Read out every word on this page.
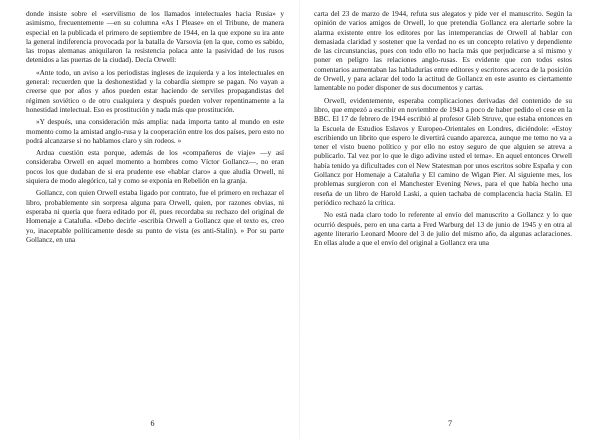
donde insiste sobre el «servilismo de los llamados intelectuales hacia Rusia» y asimismo, frecuentemente —en su columna «As I Please» en el Tribune, de manera especial en la publicada el primero de septiembre de 1944, en la que expone su ira ante la general indiferencia provocada por la batalla de Varsovia (en la que, como es sabido, las tropas alemanas aniquilaron la resistencia polaca ante la pasividad de los rusos detenidos a las puertas de la ciudad). Decía Orwell:

«Ante todo, un aviso a los periodistas ingleses de izquierda y a los intelectuales en general: recuerden que la deshonestidad y la cobardía siempre se pagan. No vayan a creerse que por años y años pueden estar haciendo de serviles propagandistas del régimen soviético o de otro cualquiera y después pueden volver repentinamente a la honestidad intelectual. Eso es prostitución y nada más que prostitución.

»Y después, una consideración más amplia: nada importa tanto al mundo en este momento como la amistad anglo-rusa y la cooperación entre los dos países, pero esto no podrá alcanzarse si no hablamos claro y sin rodeos. »

Ardua cuestión esta porque, además de los «compañeros de viaje» —y así consideraba Orwell en aquel momento a hombres como Víctor Gollancz—, no eran pocos los que dudaban de si era prudente ese «hablar claro» a que aludía Orwell, ni siquiera de modo alegórico, tal y como se exponía en Rebelión en la granja.

Gollancz, con quien Orwell estaba ligado por contrato, fue el primero en rechazar el libro, probablemente sin sorpresa alguna para Orwell, quien, por razones obvias, ni esperaba ni quería que fuera editado por él, pues recordaba su rechazo del original de Homenaje a Cataluña. «Debo decirle -escribía Orwell a Gollancz que el texto es, creo yo, inaceptable políticamente desde su punto de vista (es anti-Stalin). » Por su parte Gollancz, en una

6

carta del 23 de marzo de 1944, refuta sus alegatos y pide ver el manuscrito. Según la opinión de varios amigos de Orwell, lo que pretendía Gollancz era alertarle sobre la alarma existente entre los editores por las intemperancias de Orwell al hablar con demasiada claridad y sostener que la verdad no es un concepto relativo y dependiente de las circunstancias, pues con todo ello no hacía más que perjudicarse a sí mismo y poner en peligro las relaciones anglo-rusas. Es evidente que con todos estos comentarios aumentaban las habladurías entre editores y escritores acerca de la posición de Orwell, y para aclarar del todo la actitud de Gollancz en este asunto es ciertamente lamentable no poder disponer de sus documentos y cartas.

Orwell, evidentemente, esperaba complicaciones derivadas del contenido de su libro, que empezó a escribir en noviembre de 1943 a poco de haber pedido el cese en la BBC. El 17 de febrero de 1944 escribió al profesor Gleb Struve, que estaba entonces en la Escuela de Estudios Eslavos y Europeo-Orientales en Londres, diciéndole: «Estoy escribiendo un librito que espero le divertirá cuando aparezca, aunque me temo no va a tener el visto bueno político y por ello no estoy seguro de que alguien se atreva a publicarlo. Tal vez por lo que le digo adivine usted el tema». En aquel entonces Orwell había tenido ya dificultades con el New Statesman por unos escritos sobre España y con Gollancz por Homenaje a Cataluña y El camino de Wigan Pier. Al siguiente mes, los problemas surgieron con el Manchester Evening News, para el que había hecho una reseña de un libro de Harold Laski, a quien tachaba de complacencia hacia Stalin. El periódico rechazó la crítica.

No está nada claro todo lo referente al envío del manuscrito a Gollancz y lo que ocurrió después, pero en una carta a Fred Warburg del 13 de junio de 1945 y en otra al agente literario Leonard Moore del 3 de julio del mismo año, da algunas aclaraciones. En ellas alude a que el envío del original a Gollancz era una

7
